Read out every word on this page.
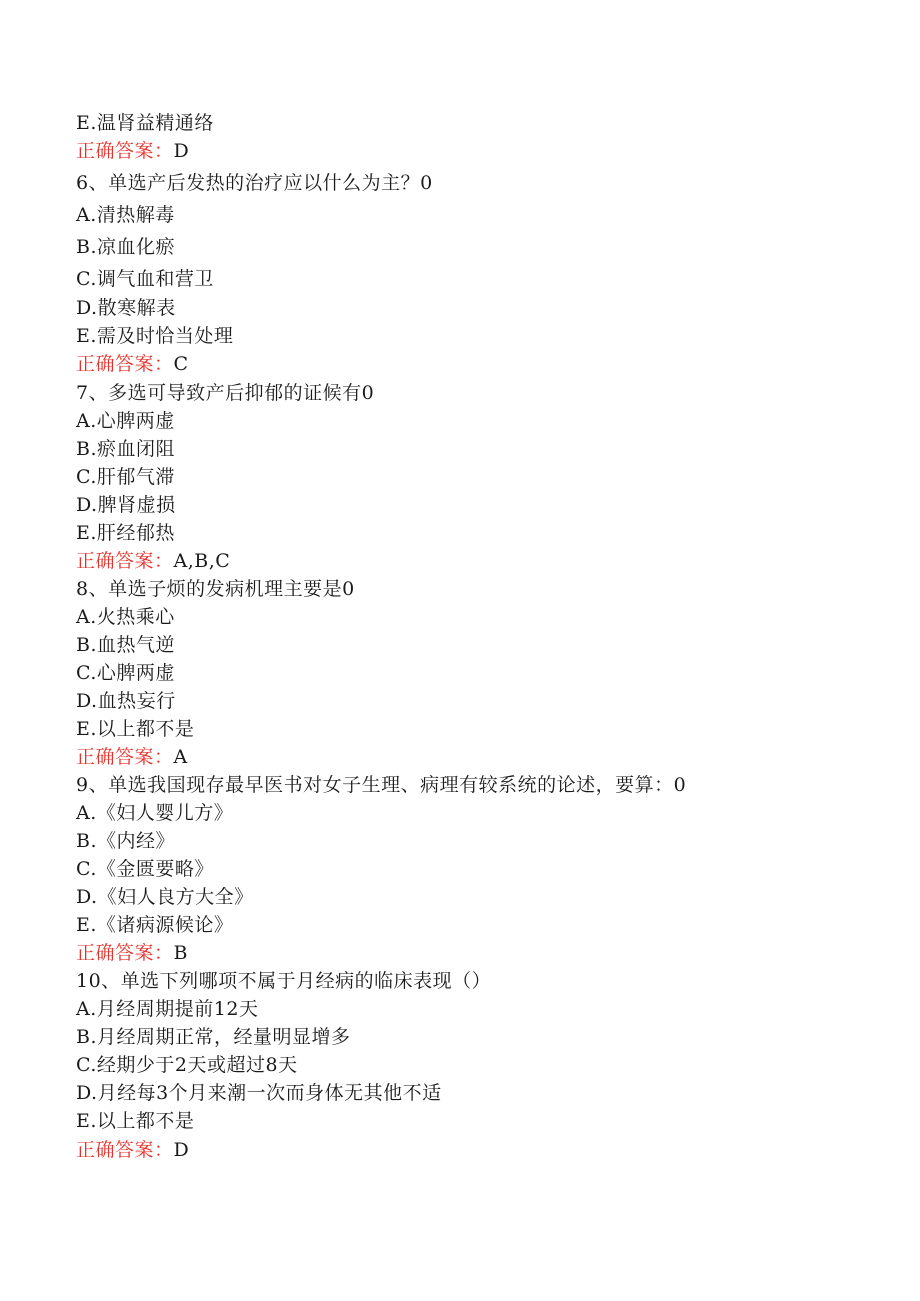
E.温肾益精通络
正确答案：D
6、单选产后发热的治疗应以什么为主？0
A.清热解毒
B.凉血化瘀
C.调气血和营卫
D.散寒解表
E.需及时恰当处理
正确答案：C
7、多选可导致产后抑郁的证候有0
A.心脾两虚
B.瘀血闭阻
C.肝郁气滞
D.脾肾虚损
E.肝经郁热
正确答案：A,B,C
8、单选子烦的发病机理主要是0
A.火热乘心
B.血热气逆
C.心脾两虚
D.血热妄行
E.以上都不是
正确答案：A
9、单选我国现存最早医书对女子生理、病理有较系统的论述，要算：0
A.《妇人婴儿方》
B.《内经》
C.《金匮要略》
D.《妇人良方大全》
E.《诸病源候论》
正确答案：B
10、单选下列哪项不属于月经病的临床表现（）
A.月经周期提前12天
B.月经周期正常，经量明显增多
C.经期少于2天或超过8天
D.月经每3个月来潮一次而身体无其他不适
E.以上都不是
正确答案：D
